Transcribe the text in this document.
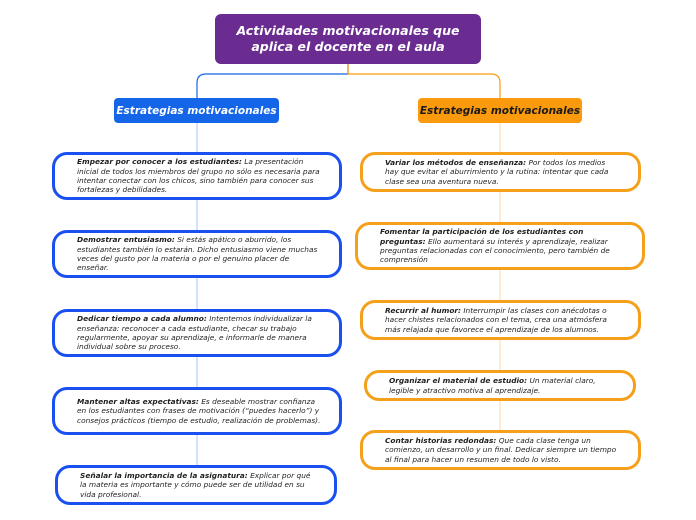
Actividades motivacionales que
aplica el docente en el aula
Estrategias motivacionales	Estrategias motivacionales
Empezar por conocer a los estudiantes: La presentación inicial de todos los miembros del grupo no sólo es necesaria para intentar conectar con los chicos, sino también para conocer sus fortalezas y debilidades.
Demostrar entusiasmo: Si estás apático o aburrido, los estudiantes también lo estarán. Dicho entusiasmo viene muchas veces del gusto por la materia o por el genuino placer de enseñar.
Dedicar tiempo a cada alumno: Intentemos individualizar la enseñanza: reconocer a cada estudiante, checar su trabajo regularmente, apoyar su aprendizaje, e informarle de manera individual sobre su proceso.
Mantener altas expectativas: Es deseable mostrar confianza en los estudiantes con frases de motivación (“puedes hacerlo”) y consejos prácticos (tiempo de estudio, realización de problemas).
Señalar la importancia de la asignatura: Explicar por qué la materia es importante y cómo puede ser de utilidad en su vida profesional.
Variar los métodos de enseñanza: Por todos los medios hay que evitar el aburrimiento y la rutina: intentar que cada clase sea una aventura nueva.
Fomentar la participación de los estudiantes con preguntas: Ello aumentará su interés y aprendizaje, realizar preguntas relacionadas con el conocimiento, pero también de comprensión
Recurrir al humor: Interrumpir las clases con anécdotas o hacer chistes relacionados con el tema, crea una atmósfera más relajada que favorece el aprendizaje de los alumnos.
Organizar el material de estudio: Un material claro, legible y atractivo motiva al aprendizaje.
Contar historias redondas: Que cada clase tenga un comienzo, un desarrollo y un final. Dedicar siempre un tiempo al final para hacer un resumen de todo lo visto.
